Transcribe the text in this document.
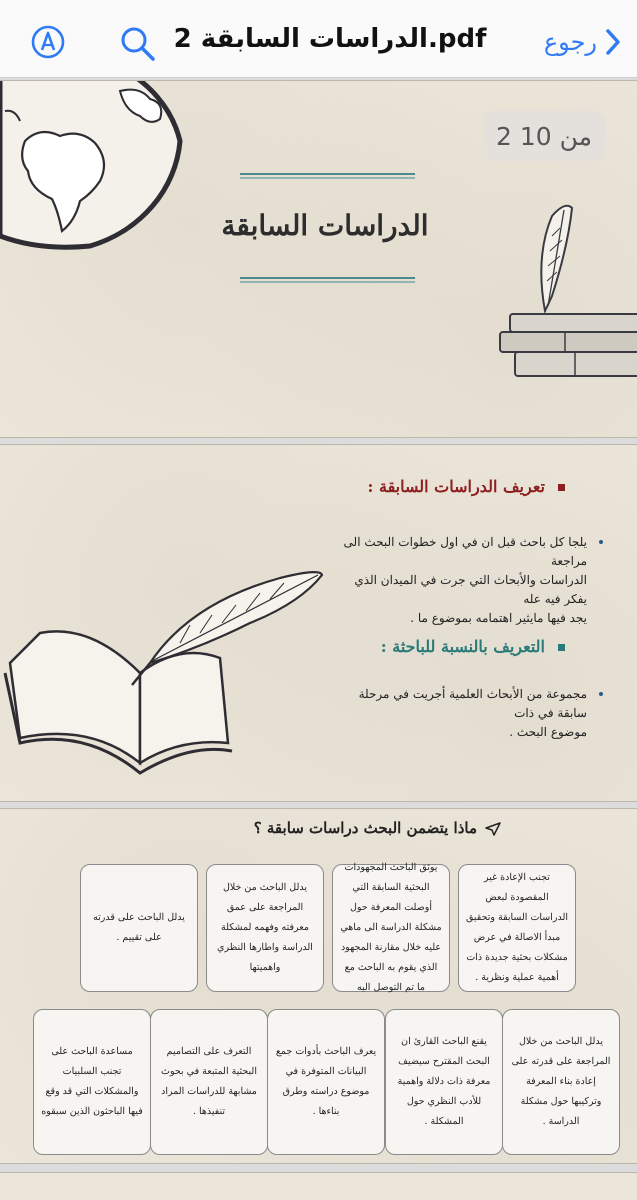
رجوع
الدراسات السابقة 2.pdf
2 من 10
الدراسات السابقة
تعريف الدراسات السابقة :
يلجا كل باحث قبل ان في اول خطوات البحث الى مراجعة
الدراسات والأبحاث التي جرت في الميدان الذي يفكر فيه عله
يجد فيها مايثير اهتمامه بموضوع ما .
التعريف بالنسبة للباحثة :
مجموعة من الأبحاث العلمية أجريت في مرحلة سابقة في ذات
موضوع البحث .
ماذا يتضمن البحث دراسات سابقة ؟
تجنب الإعادة غير المقصودة لبعض الدراسات السابقة وتحقيق مبدأ الاصالة في عرض مشكلات بحثية جديدة ذات أهمية عملية ونظرية .
يوثق الباحث المجهودات البحثية السابقة التي أوصلت المعرفة حول مشكلة الدراسة الى ماهي عليه خلال مقارنة المجهود الذي يقوم به الباحث مع ما تم التوصل اليه
يدلل الباحث من خلال المراجعة على عمق معرفته وفهمه لمشكلة الدراسة واطارها النظري واهميتها
يدلل الباحث على قدرته على تقييم .
يدلل الباحث من خلال المراجعة على قدرته على إعادة بناء المعرفة وتركيبها حول مشكلة الدراسة .
يقنع الباحث القارئ ان البحث المقترح سيضيف معرفة ذات دلالة واهمية للأدب النظري حول المشكلة .
يعرف الباحث بأدوات جمع البيانات المتوفرة في موضوع دراسته وطرق بناءها .
التعرف على التصاميم البحثية المتبعة في بحوث مشابهة للدراسات المراد تنفيذها .
مساعدة الباحث على تجنب السلبيات والمشكلات التي قد وقع فيها الباحثون الذين سبقوه
